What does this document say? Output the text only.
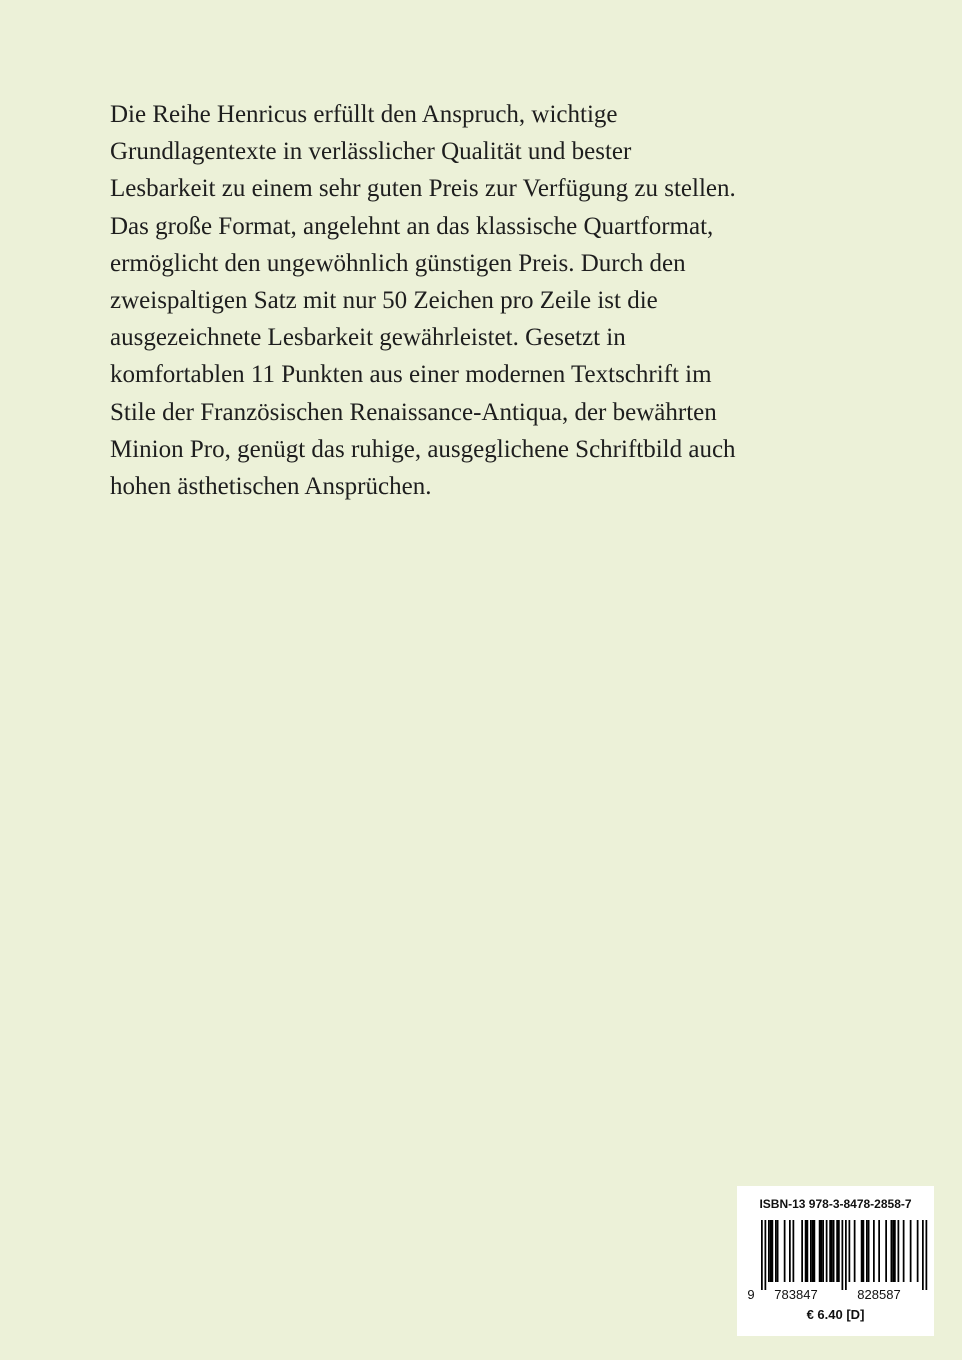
Die Reihe Henricus erfüllt den Anspruch, wichtige
Grundlagentexte in verlässlicher Qualität und bester
Lesbarkeit zu einem sehr guten Preis zur Verfügung zu stellen.
Das große Format, angelehnt an das klassische Quartformat,
ermöglicht den ungewöhnlich günstigen Preis. Durch den
zweispaltigen Satz mit nur 50 Zeichen pro Zeile ist die
ausgezeichnete Lesbarkeit gewährleistet. Gesetzt in
komfortablen 11 Punkten aus einer modernen Textschrift im
Stile der Französischen Renaissance-Antiqua, der bewährten
Minion Pro, genügt das ruhige, ausgeglichene Schriftbild auch
hohen ästhetischen Ansprüchen.
ISBN-13 978-3-8478-2858-7
9 783847	828587
€ 6.40 [D]
